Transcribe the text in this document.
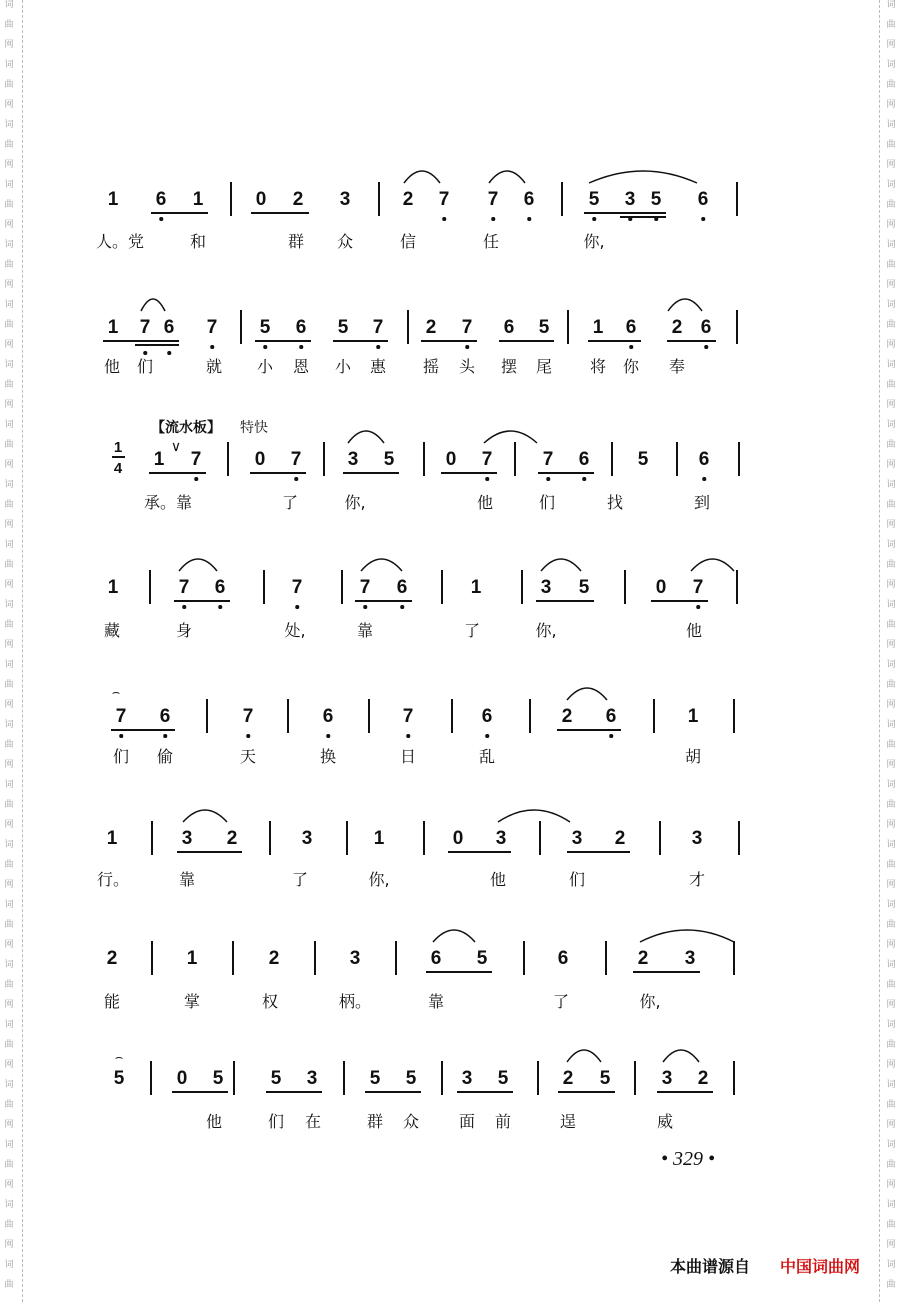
词	词
曲	曲
网	网
词	词
曲	曲
网	网
词	词
曲	曲
网	网
词	词
曲	曲
网	网
词	词
曲	曲
网	网
词	词
曲	曲
网	网
词	词
曲	曲
网	网
词	词
曲	曲
网	网
词	词
曲	曲
网	网
词	词
曲	曲
网	网
词	词
曲	曲
网	网
词	词
曲	曲
网	网
词	词
曲	曲
网	网
词	词
曲	曲
网	网
词	词
曲	曲
网	网
词	词
曲	曲
网	网
词	词
曲	曲
网	网
词	词
曲	曲
网	网
词	词
曲	曲
网	网
词	词
曲	曲
网	网
词	词
曲	曲
网	网
词	词
曲	曲
【流水板】 特快
1
4
∨
1 6 1	0 2 3	2 7 7 6	5 3 5 6
人。党	和	群 众	信	任	你,
1 7 6 7 5 6 5 7 2 7 6 5 1 6 2 6
他 们	就 小 恩 小 惠 摇 头 摆 尾 将 你 奉
1 7	0 7 3 5	0 7	7 6	5	6
承。靠	了	你,	他	们	找	到
1	7 6	7	7 6	1	3 5	0 7
藏	身	处,	靠	了	你,	他
7 6	7	6	7	6	2 6	1
们 偷	天	换	日	乱	胡
1	3 2	3	1	0 3	3 2	3
行。	靠	了	你,	他	们	才
2	1	2	3	6 5	6	2 3
能	掌	权	柄。	靠	了	你,
5	0 5 5 3	5 5 3 5	2 5	3 2
他	们 在	群 众 面 前	逞	威
⌢
⌢
• 329 •
本曲谱源自 中国词曲网
